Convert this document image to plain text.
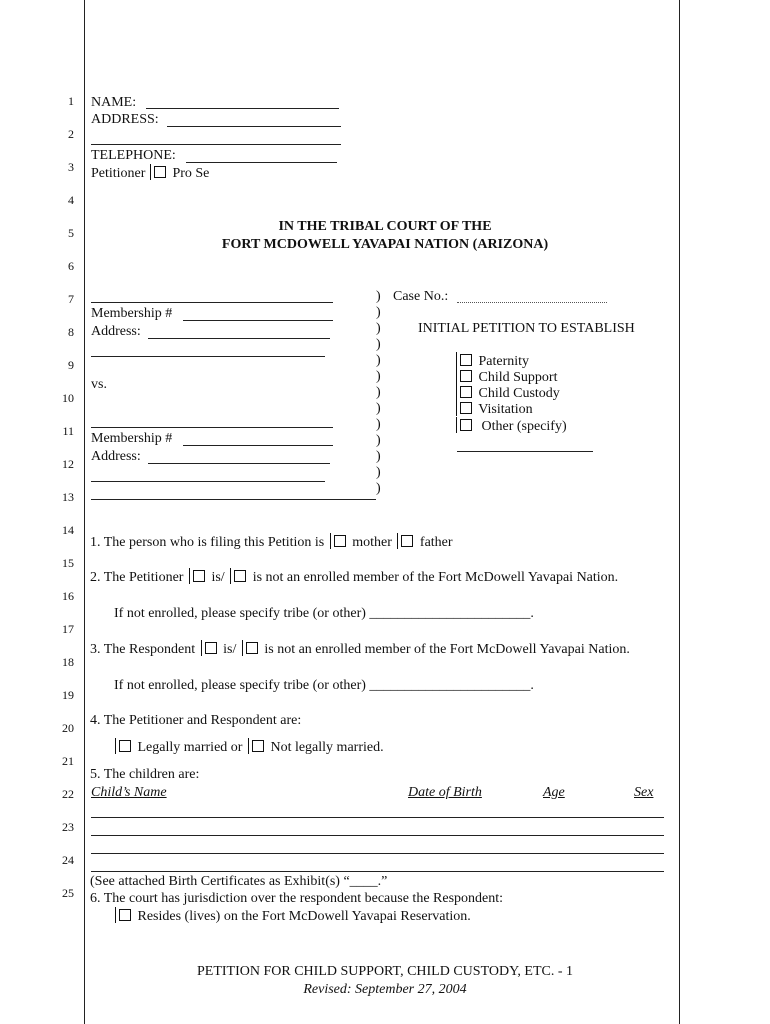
1
2
3
4
5
6
7
8
9
10
11
12
13
14
15
16
17
18
19
20
21
22
23
24
25
NAME:
ADDRESS:
TELEPHONE:
Petitioner Pro Se
IN THE TRIBAL COURT OF THE
FORT MCDOWELL YAVAPAI NATION (ARIZONA)
Membership #
Address:
vs.
Membership #
Address:
)
)
)
)
)
)
)
)
)
)
)
)
)
Case No.:
INITIAL PETITION TO ESTABLISH
Paternity
Child Support
Child Custody
Visitation
Other (specify)
1. The person who is filing this Petition is mother father
2. The Petitioner is/ is not an enrolled member of the Fort McDowell Yavapai Nation.
If not enrolled, please specify tribe (or other) _______________________.
3. The Respondent is/ is not an enrolled member of the Fort McDowell Yavapai Nation.
If not enrolled, please specify tribe (or other) _______________________.
4. The Petitioner and Respondent are:
Legally married or Not legally married.
5. The children are:
Child’s Name	Date of Birth	Age	Sex
(See attached Birth Certificates as Exhibit(s) “____.”
6. The court has jurisdiction over the respondent because the Respondent:
Resides (lives) on the Fort McDowell Yavapai Reservation.
PETITION FOR CHILD SUPPORT, CHILD CUSTODY, ETC. - 1
Revised: September 27, 2004
